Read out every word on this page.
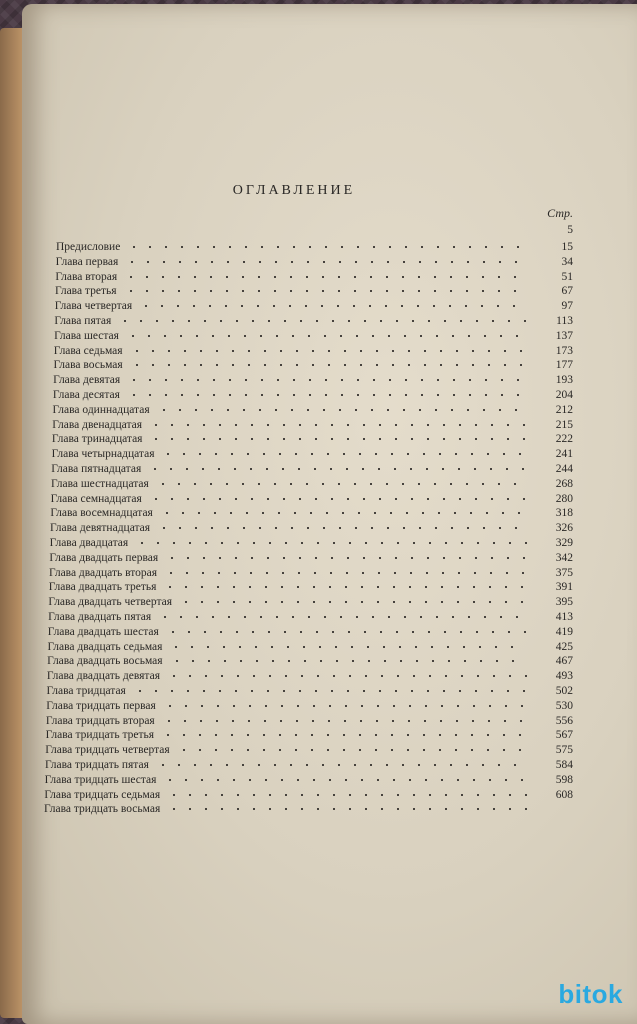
ОГЛАВЛЕНИЕ
Стр.
5
Предисловие	15
Глава первая	34
Глава вторая	51
Глава третья	67
Глава четвертая	97
Глава пятая	113
Глава шестая	137
Глава седьмая	173
Глава восьмая	177
Глава девятая	193
Глава десятая	204
Глава одиннадцатая	212
Глава двенадцатая	215
Глава тринадцатая	222
Глава четырнадцатая	241
Глава пятнадцатая	244
Глава шестнадцатая	268
Глава семнадцатая	280
Глава восемнадцатая	318
Глава девятнадцатая	326
Глава двадцатая	329
Глава двадцать первая	342
Глава двадцать вторая	375
Глава двадцать третья	391
Глава двадцать четвертая	395
Глава двадцать пятая	413
Глава двадцать шестая	419
Глава двадцать седьмая	425
Глава двадцать восьмая	467
Глава двадцать девятая	493
Глава тридцатая	502
Глава тридцать первая	530
Глава тридцать вторая	556
Глава тридцать третья	567
Глава тридцать четвертая	575
Глава тридцать пятая	584
Глава тридцать шестая	598
Глава тридцать седьмая	608
Глава тридцать восьмая
bitok
